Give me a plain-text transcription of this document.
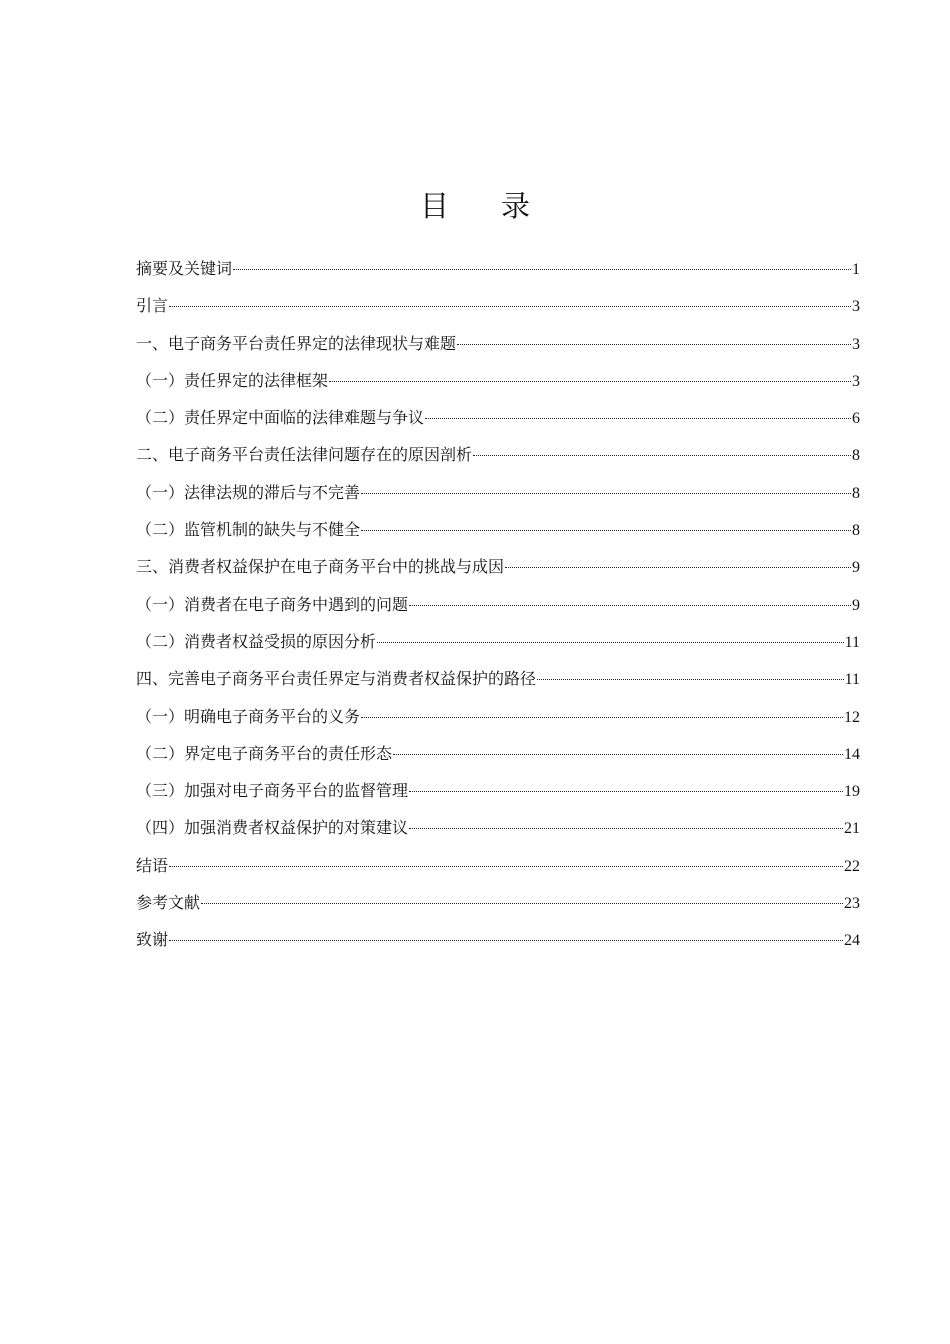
目 录
摘要及关键词	1
引言	3
一、电子商务平台责任界定的法律现状与难题	3
（一）责任界定的法律框架	3
（二）责任界定中面临的法律难题与争议	6
二、电子商务平台责任法律问题存在的原因剖析	8
（一）法律法规的滞后与不完善	8
（二）监管机制的缺失与不健全	8
三、消费者权益保护在电子商务平台中的挑战与成因	9
（一）消费者在电子商务中遇到的问题	9
（二）消费者权益受损的原因分析	11
四、完善电子商务平台责任界定与消费者权益保护的路径	11
（一）明确电子商务平台的义务	12
（二）界定电子商务平台的责任形态	14
（三）加强对电子商务平台的监督管理	19
（四）加强消费者权益保护的对策建议	21
结语	22
参考文献	23
致谢	24
